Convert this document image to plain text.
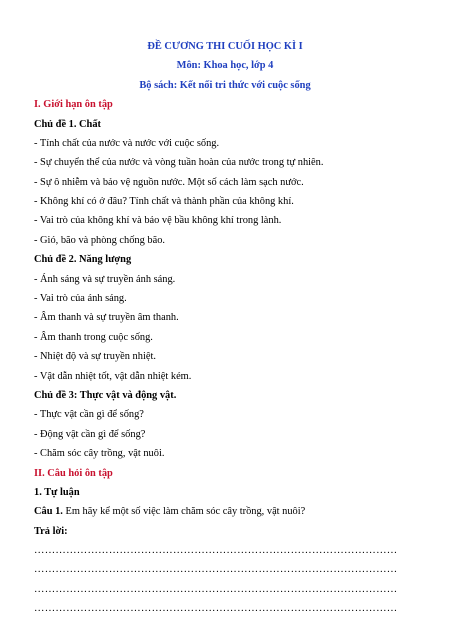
ĐỀ CƯƠNG THI CUỐI HỌC KÌ I
Môn: Khoa học, lớp 4
Bộ sách: Kết nối tri thức với cuộc sống
I. Giới hạn ôn tập
Chủ đề 1. Chất
- Tính chất của nước và nước với cuộc sống.
- Sự chuyển thể của nước và vòng tuần hoàn của nước trong tự nhiên.
- Sự ô nhiễm và bảo vệ nguồn nước. Một số cách làm sạch nước.
- Không khí có ở đâu? Tính chất và thành phần của không khí.
- Vai trò của không khí và bảo vệ bầu không khí trong lành.
- Gió, bão và phòng chống bão.
Chủ đề 2. Năng lượng
- Ánh sáng và sự truyền ánh sáng.
- Vai trò của ánh sáng.
- Âm thanh và sự truyền âm thanh.
- Âm thanh trong cuộc sống.
- Nhiệt độ và sự truyền nhiệt.
- Vật dẫn nhiệt tốt, vật dẫn nhiệt kém.
Chủ đề 3: Thực vật và động vật.
- Thực vật cần gì để sống?
- Động vật cần gì để sống?
- Chăm sóc cây trồng, vật nuôi.
II. Câu hỏi ôn tập
1. Tự luận
Câu 1. Em hãy kể một số việc làm chăm sóc cây trồng, vật nuôi?
Trả lời:
…………………………………………………………………………………………
…………………………………………………………………………………………
…………………………………………………………………………………………
…………………………………………………………………………………………
